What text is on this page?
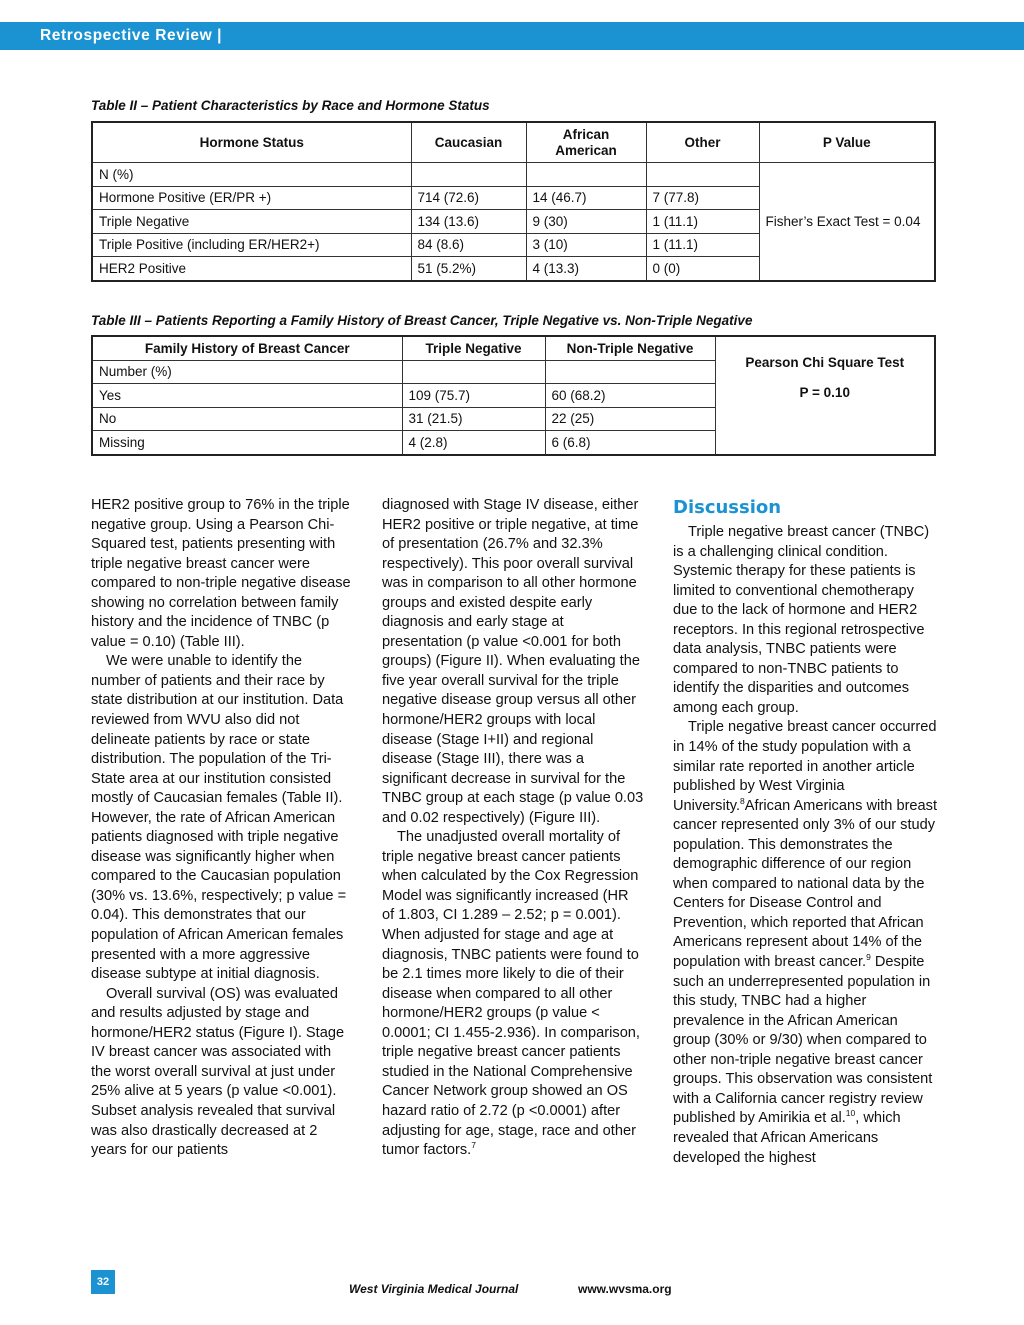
Retrospective Review |
Table II – Patient Characteristics by Race and Hormone Status
Hormone Status	Caucasian	African American	Other	P Value
N (%)				Fisher’s Exact Test = 0.04
Hormone Positive (ER/PR +)	714 (72.6)	14 (46.7)	7 (77.8)	
Triple Negative	134 (13.6)	9 (30)	1 (11.1)	
Triple Positive (including ER/HER2+)	84 (8.6)	3 (10)	1 (11.1)	
HER2 Positive	51 (5.2%)	4 (13.3)	0 (0)	
Table III – Patients Reporting a Family History of Breast Cancer, Triple Negative vs. Non-Triple Negative
Family History of Breast Cancer	Triple Negative	Non-Triple Negative	Pearson Chi Square Test
P = 0.10

Number (%)			
Yes	109 (75.7)	60 (68.2)	
No	31 (21.5)	22 (25)	
Missing	4 (2.8)	6 (6.8)	

HER2 positive group to 76% in the triple negative group. Using a Pearson Chi-Squared test, patients presenting with triple negative breast cancer were compared to non-triple negative disease showing no correlation between family history and the incidence of TNBC (p value = 0.10) (Table III).

We were unable to identify the number of patients and their race by state distribution at our institution. Data reviewed from WVU also did not delineate patients by race or state distribution. The population of the Tri-State area at our institution consisted mostly of Caucasian females (Table II). However, the rate of African American patients diagnosed with triple negative disease was significantly higher when compared to the Caucasian population (30% vs. 13.6%, respectively; p value = 0.04). This demonstrates that our population of African American females presented with a more aggressive disease subtype at initial diagnosis.

Overall survival (OS) was evaluated and results adjusted by stage and hormone/HER2 status (Figure I). Stage IV breast cancer was associated with the worst overall survival at just under 25% alive at 5 years (p value <0.001). Subset analysis revealed that survival was also drastically decreased at 2 years for our patients

diagnosed with Stage IV disease, either HER2 positive or triple negative, at time of presentation (26.7% and 32.3% respectively). This poor overall survival was in comparison to all other hormone groups and existed despite early diagnosis and early stage at presentation (p value <0.001 for both groups) (Figure II). When evaluating the five year overall survival for the triple negative disease group versus all other hormone/HER2 groups with local disease (Stage I+II) and regional disease (Stage III), there was a significant decrease in survival for the TNBC group at each stage (p value 0.03 and 0.02 respectively) (Figure III).

The unadjusted overall mortality of triple negative breast cancer patients when calculated by the Cox Regression Model was significantly increased (HR of 1.803, CI 1.289 – 2.52; p = 0.001). When adjusted for stage and age at diagnosis, TNBC patients were found to be 2.1 times more likely to die of their disease when compared to all other hormone/HER2 groups (p value < 0.0001; CI 1.455-2.936). In comparison, triple negative breast cancer patients studied in the National Comprehensive Cancer Network group showed an OS hazard ratio of 2.72 (p <0.0001) after adjusting for age, stage, race and other tumor factors.$^7$

Discussion

Triple negative breast cancer (TNBC) is a challenging clinical condition. Systemic therapy for these patients is limited to conventional chemotherapy due to the lack of hormone and HER2 receptors. In this regional retrospective data analysis, TNBC patients were compared to non-TNBC patients to identify the disparities and outcomes among each group.

Triple negative breast cancer occurred in 14% of the study population with a similar rate reported in another article published by West Virginia University.$^8$African Americans with breast cancer represented only 3% of our study population. This demonstrates the demographic difference of our region when compared to national data by the Centers for Disease Control and Prevention, which reported that African Americans represent about 14% of the population with breast cancer.$^9$ Despite such an underrepresented population in this study, TNBC had a higher prevalence in the African American group (30% or 9/30) when compared to other non-triple negative breast cancer groups. This observation was consistent with a California cancer registry review published by Amirikia et al.$^{10}$, which revealed that African Americans developed the highest

32	West Virginia Medical Journal	www.wvsma.org
